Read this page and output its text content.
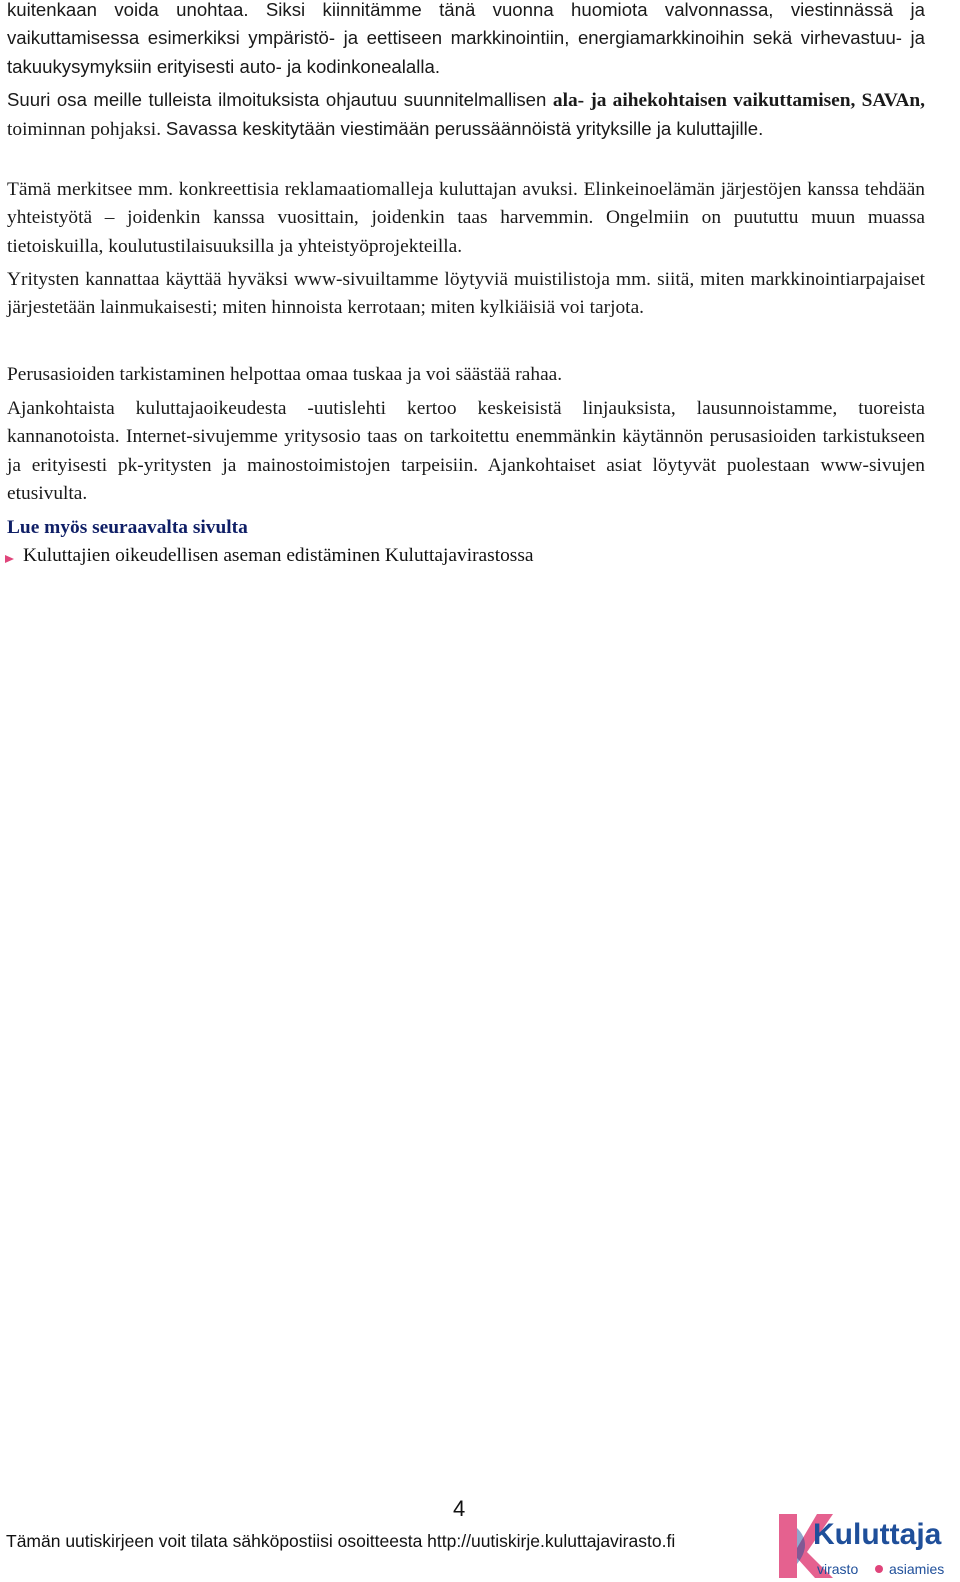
kuitenkaan voida unohtaa. Siksi kiinnitämme tänä vuonna huomiota valvonnassa, viestinnässä ja vaikuttamisessa esimerkiksi ympäristö- ja eettiseen markkinointiin, energiamarkkinoihin sekä virhevastuu- ja takuukysymyksiin erityisesti auto- ja kodinkonealalla.

Suuri osa meille tulleista ilmoituksista ohjautuu suunnitelmallisen ala- ja aihekohtaisen vaikuttamisen, SAVAn, toiminnan pohjaksi. Savassa keskitytään viestimään perussäännöistä yrityksille ja kuluttajille.

Tämä merkitsee mm. konkreettisia reklamaatiomalleja kuluttajan avuksi. Elinkeinoelämän järjestöjen kanssa tehdään yhteistyötä – joidenkin kanssa vuosittain, joidenkin taas harvemmin. Ongelmiin on puututtu muun muassa tietoiskuilla, koulutustilaisuuksilla ja yhteistyöprojekteilla.

Yritysten kannattaa käyttää hyväksi www-sivuiltamme löytyviä muistilistoja mm. siitä, miten markkinointiarpajaiset järjestetään lainmukaisesti; miten hinnoista kerrotaan; miten kylkiäisiä voi tarjota.

Perusasioiden tarkistaminen helpottaa omaa tuskaa ja voi säästää rahaa.

Ajankohtaista kuluttajaoikeudesta -uutislehti kertoo keskeisistä linjauksista, lausunnoistamme, tuoreista kannanotoista. Internet-sivujemme yritysosio taas on tarkoitettu enemmänkin käytännön perusasioiden tarkistukseen ja erityisesti pk-yritysten ja mainostoimistojen tarpeisiin. Ajankohtaiset asiat löytyvät puolestaan www-sivujen etusivulta.

Lue myös seuraavalta sivulta

Kuluttajien oikeudellisen aseman edistäminen Kuluttajavirastossa
4
Tämän uutiskirjeen voit tilata sähköpostiisi osoitteesta http://uutiskirje.kuluttajavirasto.fi	Kuluttaja
virasto asiamies
